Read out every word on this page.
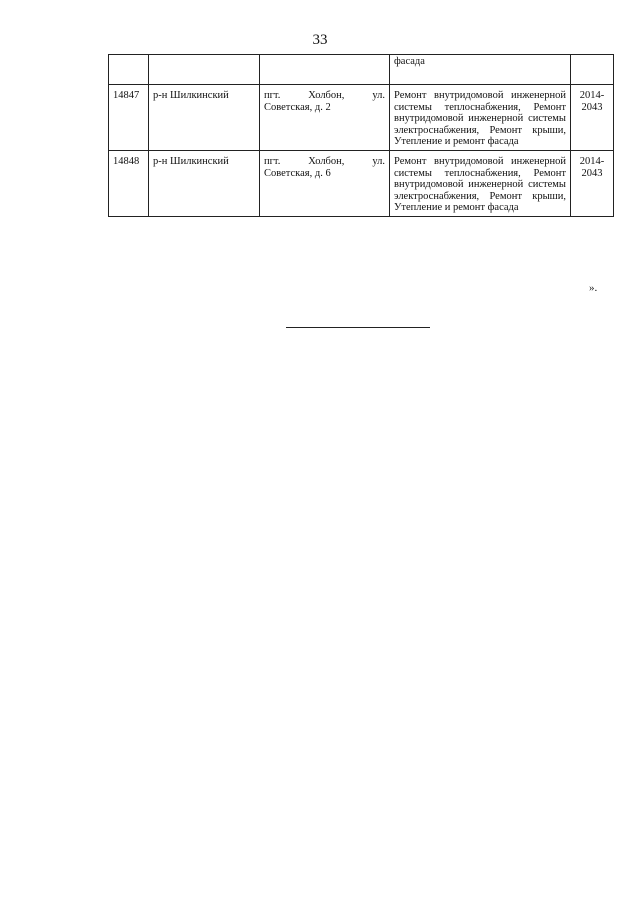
33
			фасада	
14847	р-н Шилкинский	пгт. Холбон, ул. Советская, д. 2	Ремонт внутридомовой инженерной системы теплоснабжения, Ремонт внутридомовой инженерной системы электроснабжения, Ремонт крыши, Утепление и ремонт фасада	2014-2043
14848	р-н Шилкинский	пгт. Холбон, ул. Советская, д. 6	Ремонт внутридомовой инженерной системы теплоснабжения, Ремонт внутридомовой инженерной системы электроснабжения, Ремонт крыши, Утепление и ремонт фасада	2014-2043
».
